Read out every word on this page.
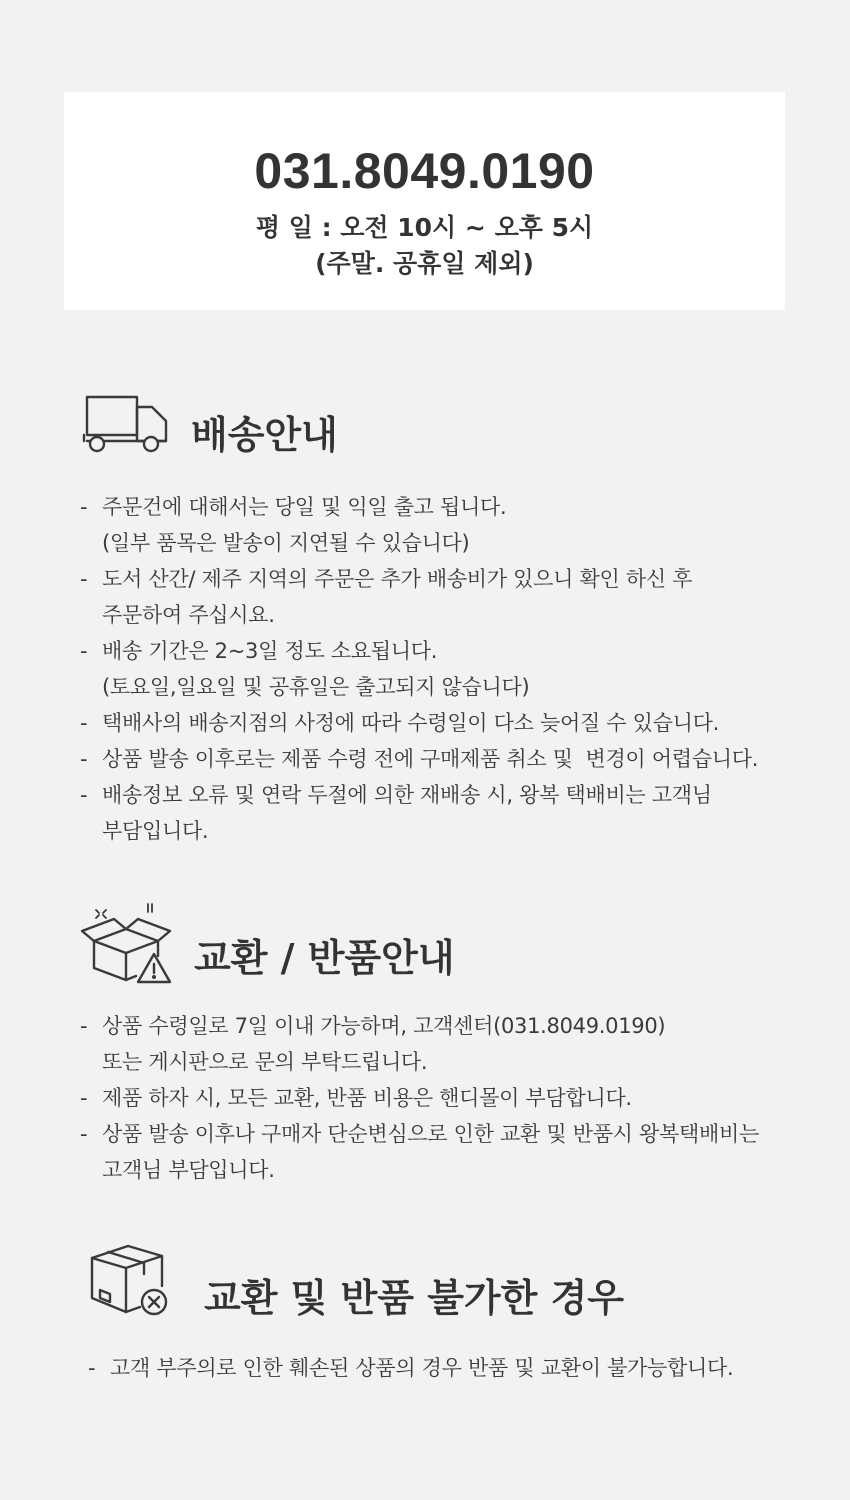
031.8049.0190
평 일 : 오전 10시 ~ 오후 5시
(주말. 공휴일 제외)
배송안내
- 주문건에 대해서는 당일 및 익일 출고 됩니다.
(일부 품목은 발송이 지연될 수 있습니다)
- 도서 산간/ 제주 지역의 주문은 추가 배송비가 있으니 확인 하신 후
주문하여 주십시요.
- 배송 기간은 2~3일 정도 소요됩니다.
(토요일,일요일 및 공휴일은 출고되지 않습니다)
- 택배사의 배송지점의 사정에 따라 수령일이 다소 늦어질 수 있습니다.
- 상품 발송 이후로는 제품 수령 전에 구매제품 취소 및  변경이 어렵습니다.
- 배송정보 오류 및 연락 두절에 의한 재배송 시, 왕복 택배비는 고객님
부담입니다.
교환 / 반품안내
- 상품 수령일로 7일 이내 가능하며, 고객센터(031.8049.0190)
또는 게시판으로 문의 부탁드립니다.
- 제품 하자 시, 모든 교환, 반품 비용은 핸디몰이 부담합니다.
- 상품 발송 이후나 구매자 단순변심으로 인한 교환 및 반품시 왕복택배비는
고객님 부담입니다.
교환 및 반품 불가한 경우
- 고객 부주의로 인한 훼손된 상품의 경우 반품 및 교환이 불가능합니다.
